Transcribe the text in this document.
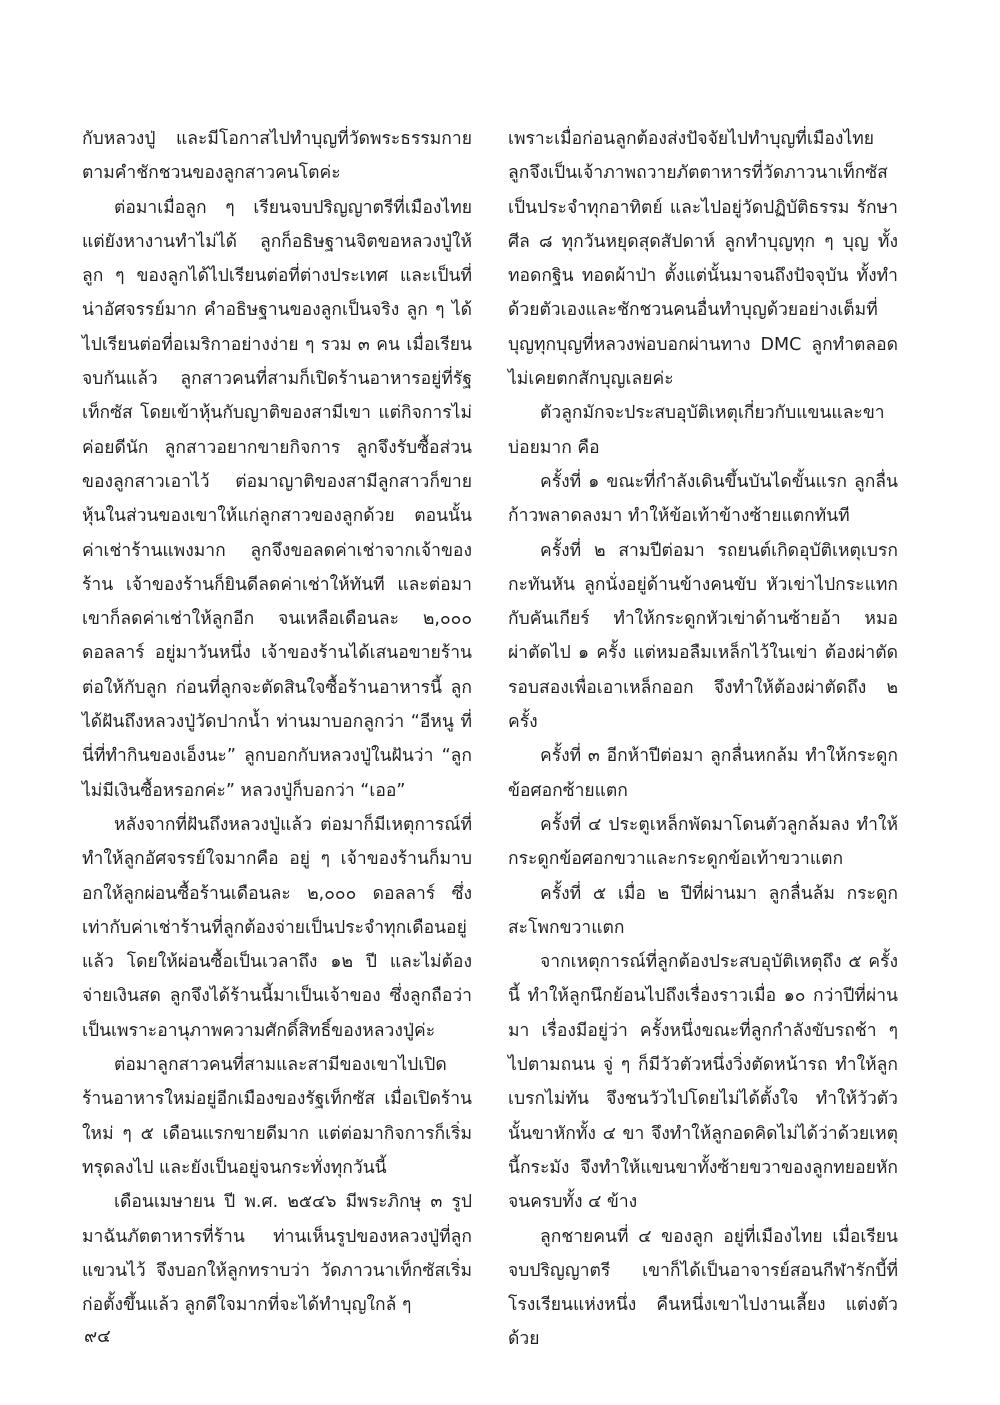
กับหลวงปู่ และมีโอกาสไปทำบุญที่วัดพระธรรมกาย ตามคำชักชวนของลูกสาวคนโตค่ะ

ต่อมาเมื่อลูก ๆ เรียนจบปริญญาตรีที่เมืองไทย แต่ยังหางานทำไม่ได้ ลูกก็อธิษฐานจิตขอหลวงปู่ให้ลูก ๆ ของลูกได้ไปเรียนต่อที่ต่างประเทศ และเป็นที่น่าอัศจรรย์มาก คำอธิษฐานของลูกเป็นจริง ลูก ๆ ได้ไปเรียนต่อที่อเมริกาอย่างง่าย ๆ รวม ๓ คน เมื่อเรียนจบกันแล้ว ลูกสาวคนที่สามก็เปิดร้านอาหารอยู่ที่รัฐเท็กซัส โดยเข้าหุ้นกับญาติของสามีเขา แต่กิจการไม่ค่อยดีนัก ลูกสาวอยากขายกิจการ ลูกจึงรับซื้อส่วนของลูกสาวเอาไว้ ต่อมาญาติของสามีลูกสาวก็ขายหุ้นในส่วนของเขาให้แก่ลูกสาวของลูกด้วย ตอนนั้นค่าเช่าร้านแพงมาก ลูกจึงขอลดค่าเช่าจากเจ้าของร้าน เจ้าของร้านก็ยินดีลดค่าเช่าให้ทันที และต่อมาเขาก็ลดค่าเช่าให้ลูกอีก จนเหลือเดือนละ ๒,๐๐๐ ดอลลาร์ อยู่มาวันหนึ่ง เจ้าของร้านได้เสนอขายร้านต่อให้กับลูก ก่อนที่ลูกจะตัดสินใจซื้อร้านอาหารนี้ ลูกได้ฝันถึงหลวงปู่วัดปากน้ำ ท่านมาบอกลูกว่า “อีหนู ที่นี่ที่ทำกินของเอ็งนะ” ลูกบอกกับหลวงปู่ในฝันว่า “ลูกไม่มีเงินซื้อหรอกค่ะ” หลวงปู่ก็บอกว่า “เออ”

หลังจากที่ฝันถึงหลวงปู่แล้ว ต่อมาก็มีเหตุการณ์ที่ทำให้ลูกอัศจรรย์ใจมากคือ อยู่ ๆ เจ้าของร้านก็มาบอกให้ลูกผ่อนซื้อร้านเดือนละ ๒,๐๐๐ ดอลลาร์ ซึ่งเท่ากับค่าเช่าร้านที่ลูกต้องจ่ายเป็นประจำทุกเดือนอยู่แล้ว โดยให้ผ่อนซื้อเป็นเวลาถึง ๑๒ ปี และไม่ต้องจ่ายเงินสด ลูกจึงได้ร้านนี้มาเป็นเจ้าของ ซึ่งลูกถือว่าเป็นเพราะอานุภาพความศักดิ์สิทธิ์ของหลวงปู่ค่ะ

ต่อมาลูกสาวคนที่สามและสามีของเขาไปเปิดร้านอาหารใหม่อยู่อีกเมืองของรัฐเท็กซัส เมื่อเปิดร้านใหม่ ๆ ๕ เดือนแรกขายดีมาก แต่ต่อมากิจการก็เริ่มทรุดลงไป และยังเป็นอยู่จนกระทั่งทุกวันนี้

เดือนเมษายน ปี พ.ศ. ๒๕๔๖ มีพระภิกษุ ๓ รูป มาฉันภัตตาหารที่ร้าน ท่านเห็นรูปของหลวงปู่ที่ลูกแขวนไว้ จึงบอกให้ลูกทราบว่า วัดภาวนาเท็กซัสเริ่มก่อตั้งขึ้นแล้ว ลูกดีใจมากที่จะได้ทำบุญใกล้ ๆ

เพราะเมื่อก่อนลูกต้องส่งปัจจัยไปทำบุญที่เมืองไทย ลูกจึงเป็นเจ้าภาพถวายภัตตาหารที่วัดภาวนาเท็กซัสเป็นประจำทุกอาทิตย์ และไปอยู่วัดปฏิบัติธรรม รักษาศีล ๘ ทุกวันหยุดสุดสัปดาห์ ลูกทำบุญทุก ๆ บุญ ทั้งทอดกฐิน ทอดผ้าป่า ตั้งแต่นั้นมาจนถึงปัจจุบัน ทั้งทำด้วยตัวเองและชักชวนคนอื่นทำบุญด้วยอย่างเต็มที่ บุญทุกบุญที่หลวงพ่อบอกผ่านทาง DMC ลูกทำตลอดไม่เคยตกสักบุญเลยค่ะ

ตัวลูกมักจะประสบอุบัติเหตุเกี่ยวกับแขนและขาบ่อยมาก คือ

ครั้งที่ ๑ ขณะที่กำลังเดินขึ้นบันไดขั้นแรก ลูกลื่นก้าวพลาดลงมา ทำให้ข้อเท้าข้างซ้ายแตกทันที

ครั้งที่ ๒ สามปีต่อมา รถยนต์เกิดอุบัติเหตุเบรกกะทันหัน ลูกนั่งอยู่ด้านข้างคนขับ หัวเข่าไปกระแทกกับคันเกียร์ ทำให้กระดูกหัวเข่าด้านซ้ายอ้า หมอผ่าตัดไป ๑ ครั้ง แต่หมอลืมเหล็กไว้ในเข่า ต้องผ่าตัดรอบสองเพื่อเอาเหล็กออก จึงทำให้ต้องผ่าตัดถึง ๒ ครั้ง

ครั้งที่ ๓ อีกห้าปีต่อมา ลูกลื่นหกล้ม ทำให้กระดูกข้อศอกซ้ายแตก

ครั้งที่ ๔ ประตูเหล็กพัดมาโดนตัวลูกล้มลง ทำให้กระดูกข้อศอกขวาและกระดูกข้อเท้าขวาแตก

ครั้งที่ ๕ เมื่อ ๒ ปีที่ผ่านมา ลูกลื่นล้ม กระดูกสะโพกขวาแตก

จากเหตุการณ์ที่ลูกต้องประสบอุบัติเหตุถึง ๕ ครั้งนี้ ทำให้ลูกนึกย้อนไปถึงเรื่องราวเมื่อ ๑๐ กว่าปีที่ผ่านมา เรื่องมีอยู่ว่า ครั้งหนึ่งขณะที่ลูกกำลังขับรถช้า ๆ ไปตามถนน จู่ ๆ ก็มีวัวตัวหนึ่งวิ่งตัดหน้ารถ ทำให้ลูกเบรกไม่ทัน จึงชนวัวไปโดยไม่ได้ตั้งใจ ทำให้วัวตัวนั้นขาหักทั้ง ๔ ขา จึงทำให้ลูกอดคิดไม่ได้ว่าด้วยเหตุนี้กระมัง จึงทำให้แขนขาทั้งซ้ายขวาของลูกทยอยหักจนครบทั้ง ๔ ข้าง

ลูกชายคนที่ ๔ ของลูก อยู่ที่เมืองไทย เมื่อเรียนจบปริญญาตรี เขาก็ได้เป็นอาจารย์สอนกีฬารักบี้ที่โรงเรียนแห่งหนึ่ง คืนหนึ่งเขาไปงานเลี้ยง แต่งตัวด้วย

๙๔
